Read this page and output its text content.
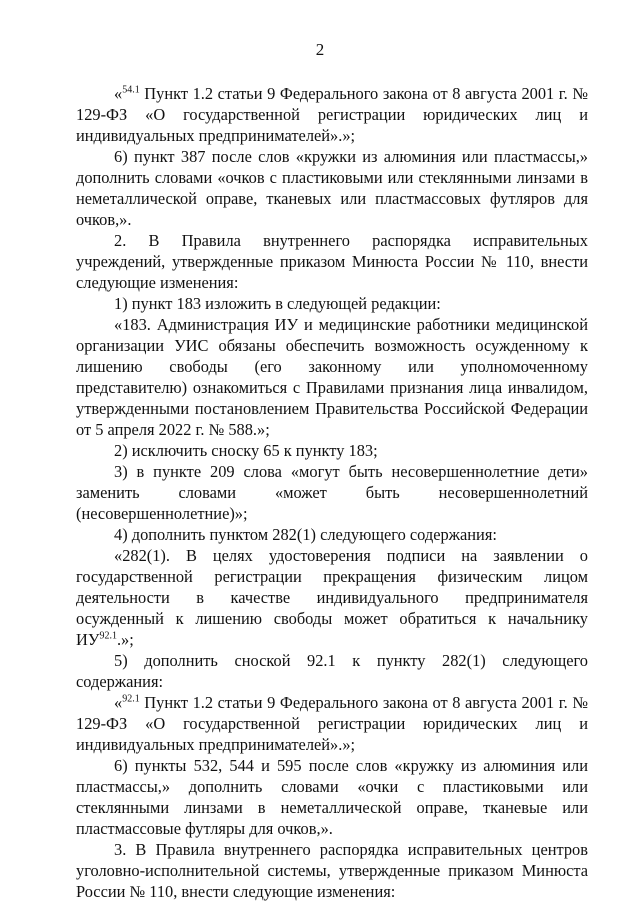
2

«$^{54.1}$ Пункт 1.2 статьи 9 Федерального закона от 8 августа 2001 г. № 129-ФЗ «О государственной регистрации юридических лиц и индивидуальных предпринимателей».»;

6) пункт 387 после слов «кружки из алюминия или пластмассы,» дополнить словами «очков с пластиковыми или стеклянными линзами в неметаллической оправе, тканевых или пластмассовых футляров для очков,».

2. В Правила внутреннего распорядка исправительных учреждений, утвержденные приказом Минюста России № 110, внести следующие изменения:

1) пункт 183 изложить в следующей редакции:

«183. Администрация ИУ и медицинские работники медицинской организации УИС обязаны обеспечить возможность осужденному к лишению свободы (его законному или уполномоченному представителю) ознакомиться с Правилами признания лица инвалидом, утвержденными постановлением Правительства Российской Федерации от 5 апреля 2022 г. № 588.»;

2) исключить сноску 65 к пункту 183;

3) в пункте 209 слова «могут быть несовершеннолетние дети» заменить словами «может быть несовершеннолетний (несовершеннолетние)»;

4) дополнить пунктом 282(1) следующего содержания:

«282(1). В целях удостоверения подписи на заявлении о государственной регистрации прекращения физическим лицом деятельности в качестве индивидуального предпринимателя осужденный к лишению свободы может обратиться к начальнику ИУ$^{92.1}$.»;

5) дополнить сноской 92.1 к пункту 282(1) следующего содержания:

«$^{92.1}$ Пункт 1.2 статьи 9 Федерального закона от 8 августа 2001 г. № 129-ФЗ «О государственной регистрации юридических лиц и индивидуальных предпринимателей».»;

6) пункты 532, 544 и 595 после слов «кружку из алюминия или пластмассы,» дополнить словами «очки с пластиковыми или стеклянными линзами в неметаллической оправе, тканевые или пластмассовые футляры для очков,».

3. В Правила внутреннего распорядка исправительных центров уголовно-исполнительной системы, утвержденные приказом Минюста России № 110, внести следующие изменения:
